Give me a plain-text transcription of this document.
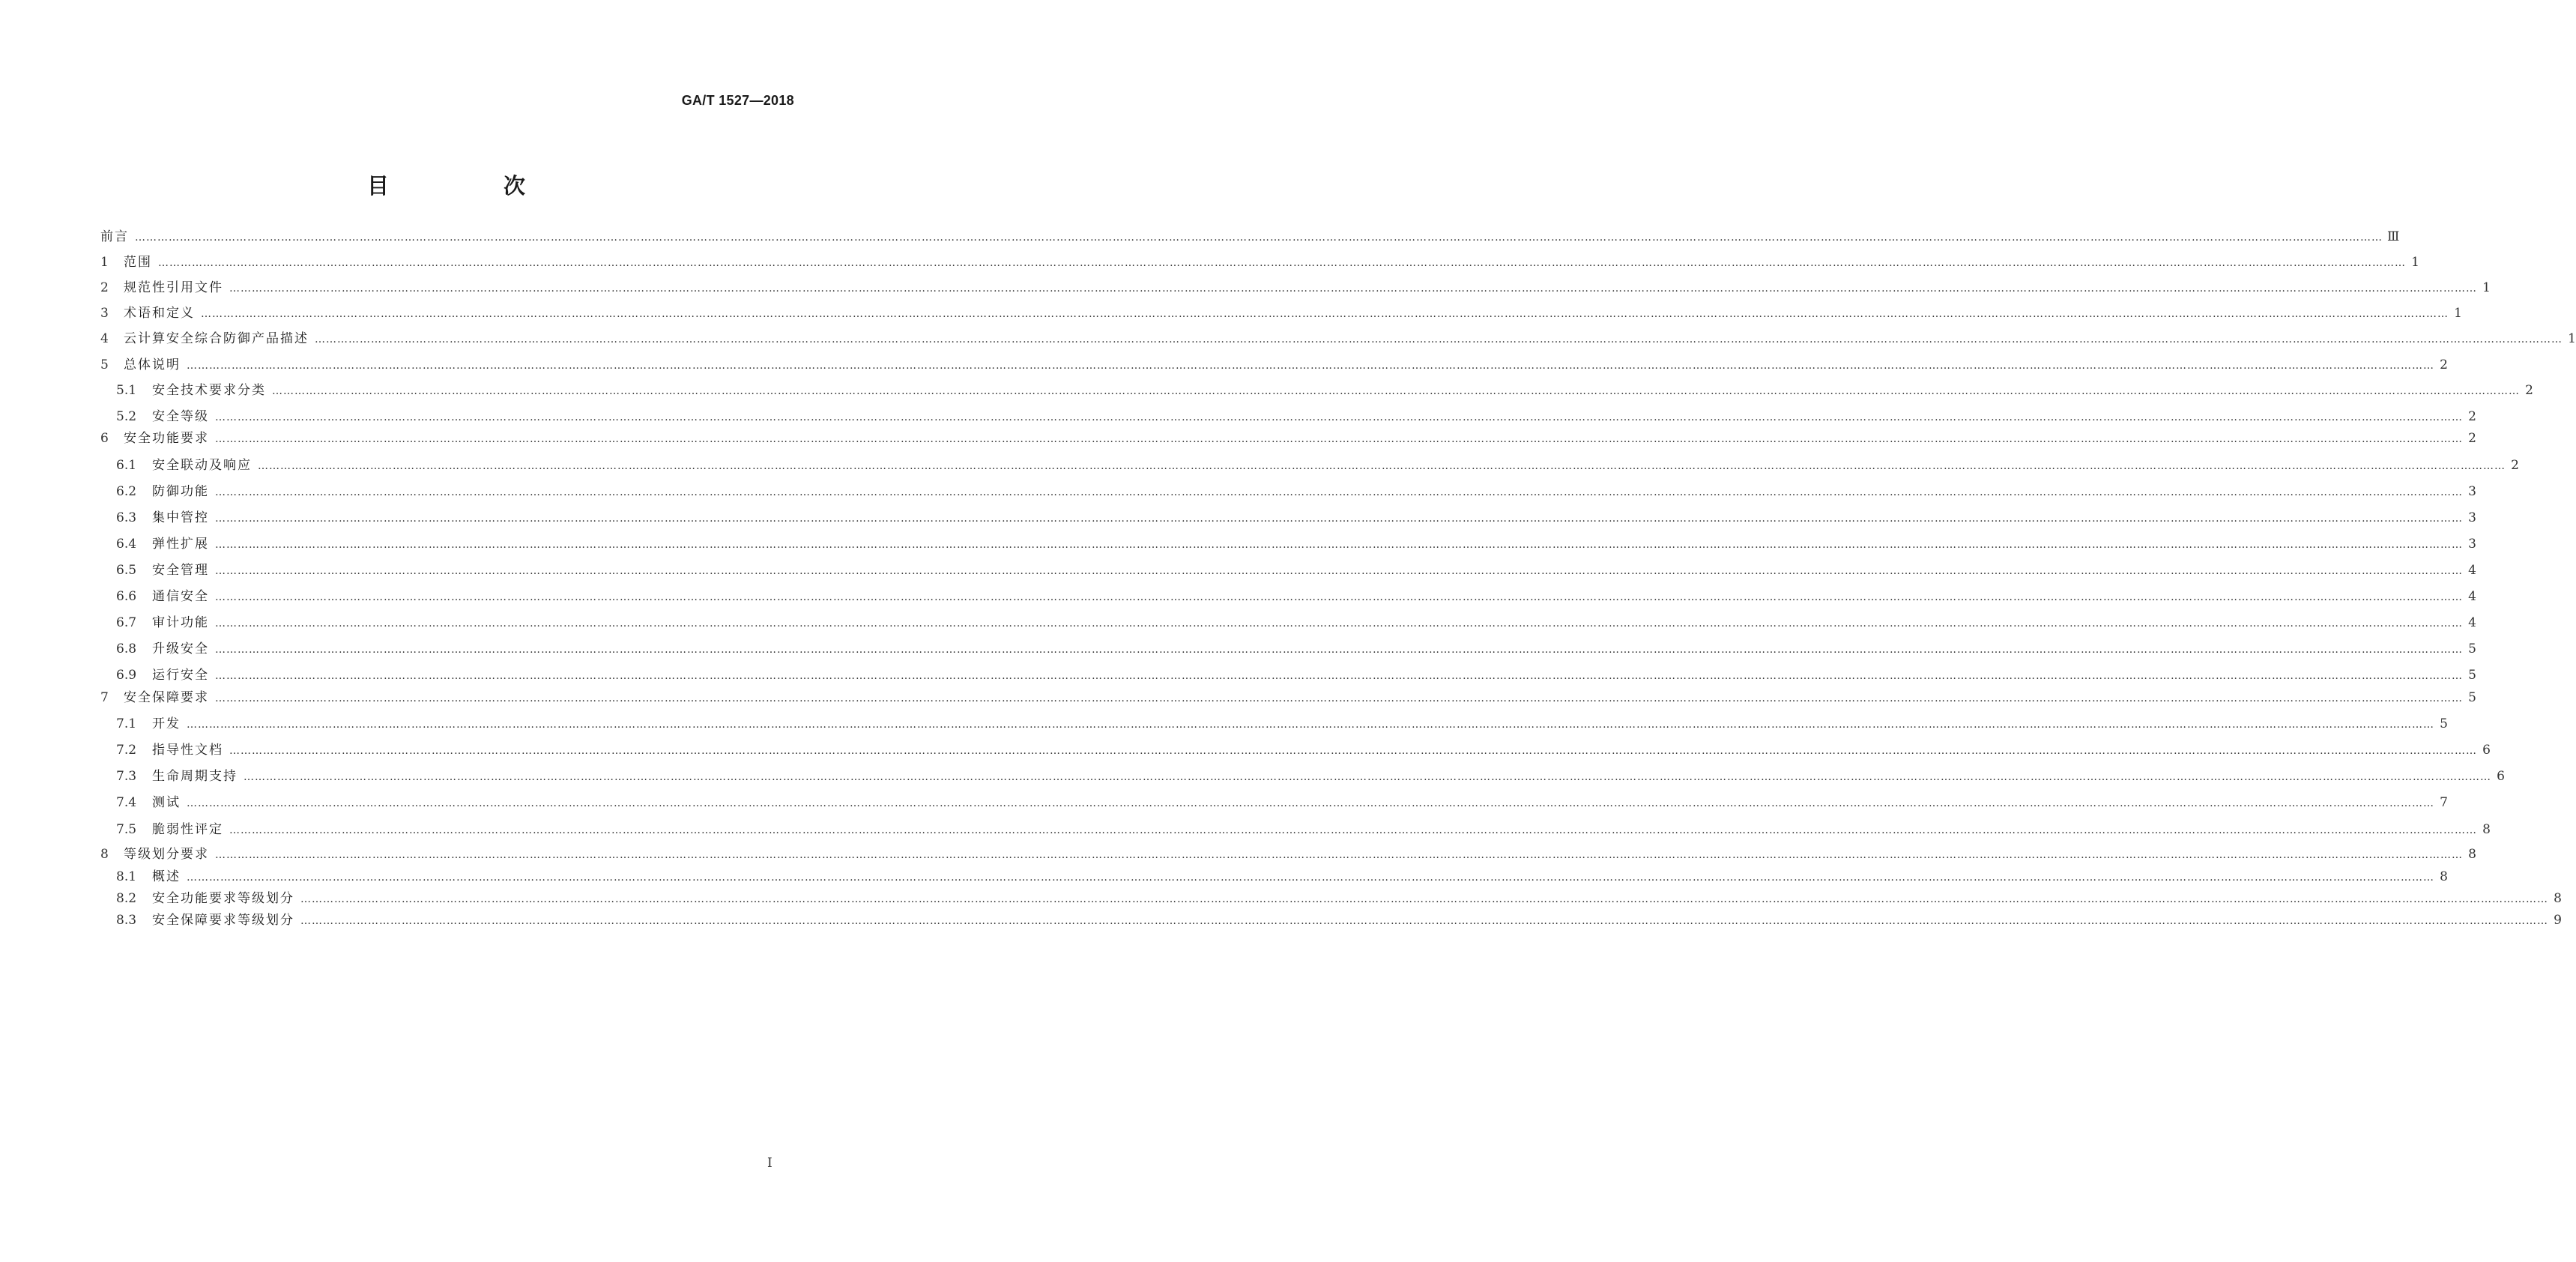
GA/T 1527—2018
目　次
前言 …………………………………………………………………………………………………………………………………………………………………………………………………………………………………………………………………………………………………………………………………………………………………………………………………………………………………………………………………………………………………………………………………………………… Ⅲ
1	范围 …………………………………………………………………………………………………………………………………………………………………………………………………………………………………………………………………………………………………………………………………………………………………………………………………………………………………………………………………………………………………………………………………………………… 1
2	规范性引用文件 …………………………………………………………………………………………………………………………………………………………………………………………………………………………………………………………………………………………………………………………………………………………………………………………………………………………………………………………………………………………………………………………………………………… 1
3	术语和定义 …………………………………………………………………………………………………………………………………………………………………………………………………………………………………………………………………………………………………………………………………………………………………………………………………………………………………………………………………………………………………………………………………………………… 1
4	云计算安全综合防御产品描述 …………………………………………………………………………………………………………………………………………………………………………………………………………………………………………………………………………………………………………………………………………………………………………………………………………………………………………………………………………………………………………………………………………………… 1
5	总体说明 …………………………………………………………………………………………………………………………………………………………………………………………………………………………………………………………………………………………………………………………………………………………………………………………………………………………………………………………………………………………………………………………………………………… 2
5.1	安全技术要求分类 …………………………………………………………………………………………………………………………………………………………………………………………………………………………………………………………………………………………………………………………………………………………………………………………………………………………………………………………………………………………………………………………………………………… 2
5.2	安全等级 …………………………………………………………………………………………………………………………………………………………………………………………………………………………………………………………………………………………………………………………………………………………………………………………………………………………………………………………………………………………………………………………………………………… 2
6	安全功能要求 …………………………………………………………………………………………………………………………………………………………………………………………………………………………………………………………………………………………………………………………………………………………………………………………………………………………………………………………………………………………………………………………………………………… 2
6.1	安全联动及响应 …………………………………………………………………………………………………………………………………………………………………………………………………………………………………………………………………………………………………………………………………………………………………………………………………………………………………………………………………………………………………………………………………………………… 2
6.2	防御功能 …………………………………………………………………………………………………………………………………………………………………………………………………………………………………………………………………………………………………………………………………………………………………………………………………………………………………………………………………………………………………………………………………………………… 3
6.3	集中管控 …………………………………………………………………………………………………………………………………………………………………………………………………………………………………………………………………………………………………………………………………………………………………………………………………………………………………………………………………………………………………………………………………………………… 3
6.4	弹性扩展 …………………………………………………………………………………………………………………………………………………………………………………………………………………………………………………………………………………………………………………………………………………………………………………………………………………………………………………………………………………………………………………………………………………… 3
6.5	安全管理 …………………………………………………………………………………………………………………………………………………………………………………………………………………………………………………………………………………………………………………………………………………………………………………………………………………………………………………………………………………………………………………………………………………… 4
6.6	通信安全 …………………………………………………………………………………………………………………………………………………………………………………………………………………………………………………………………………………………………………………………………………………………………………………………………………………………………………………………………………………………………………………………………………………… 4
6.7	审计功能 …………………………………………………………………………………………………………………………………………………………………………………………………………………………………………………………………………………………………………………………………………………………………………………………………………………………………………………………………………………………………………………………………………………… 4
6.8	升级安全 …………………………………………………………………………………………………………………………………………………………………………………………………………………………………………………………………………………………………………………………………………………………………………………………………………………………………………………………………………………………………………………………………………………… 5
6.9	运行安全 …………………………………………………………………………………………………………………………………………………………………………………………………………………………………………………………………………………………………………………………………………………………………………………………………………………………………………………………………………………………………………………………………………………… 5
7	安全保障要求 …………………………………………………………………………………………………………………………………………………………………………………………………………………………………………………………………………………………………………………………………………………………………………………………………………………………………………………………………………………………………………………………………………………… 5
7.1	开发 …………………………………………………………………………………………………………………………………………………………………………………………………………………………………………………………………………………………………………………………………………………………………………………………………………………………………………………………………………………………………………………………………………………… 5
7.2	指导性文档 …………………………………………………………………………………………………………………………………………………………………………………………………………………………………………………………………………………………………………………………………………………………………………………………………………………………………………………………………………………………………………………………………………………… 6
7.3	生命周期支持 …………………………………………………………………………………………………………………………………………………………………………………………………………………………………………………………………………………………………………………………………………………………………………………………………………………………………………………………………………………………………………………………………………………… 6
7.4	测试 …………………………………………………………………………………………………………………………………………………………………………………………………………………………………………………………………………………………………………………………………………………………………………………………………………………………………………………………………………………………………………………………………………………… 7
7.5	脆弱性评定 …………………………………………………………………………………………………………………………………………………………………………………………………………………………………………………………………………………………………………………………………………………………………………………………………………………………………………………………………………………………………………………………………………………… 8
8	等级划分要求 …………………………………………………………………………………………………………………………………………………………………………………………………………………………………………………………………………………………………………………………………………………………………………………………………………………………………………………………………………………………………………………………………………………… 8
8.1	概述 …………………………………………………………………………………………………………………………………………………………………………………………………………………………………………………………………………………………………………………………………………………………………………………………………………………………………………………………………………………………………………………………………………………… 8
8.2	安全功能要求等级划分 …………………………………………………………………………………………………………………………………………………………………………………………………………………………………………………………………………………………………………………………………………………………………………………………………………………………………………………………………………………………………………………………………………………… 8
8.3	安全保障要求等级划分 …………………………………………………………………………………………………………………………………………………………………………………………………………………………………………………………………………………………………………………………………………………………………………………………………………………………………………………………………………………………………………………………………………………… 9
I
